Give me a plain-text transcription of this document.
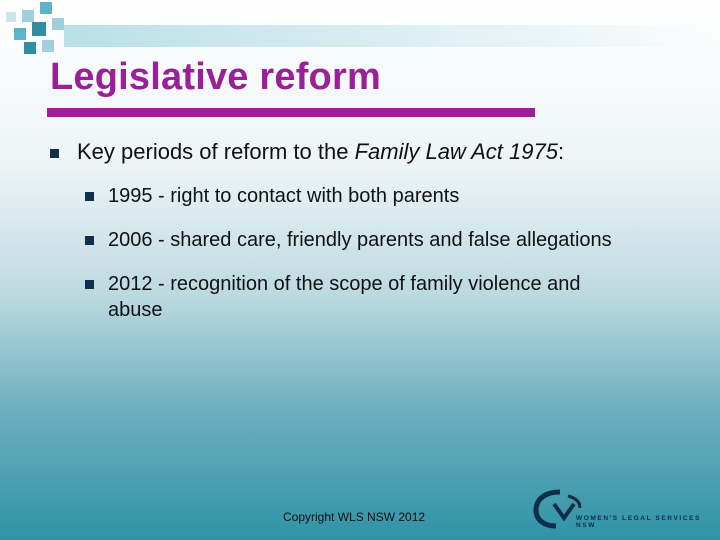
Legislative reform
Key periods of reform to the Family Law Act 1975:
1995 - right to contact with both parents
2006 - shared care, friendly parents and false allegations
2012 - recognition of the scope of family violence and
abuse
Copyright WLS NSW 2012	WOMEN'S LEGAL SERVICES NSW
